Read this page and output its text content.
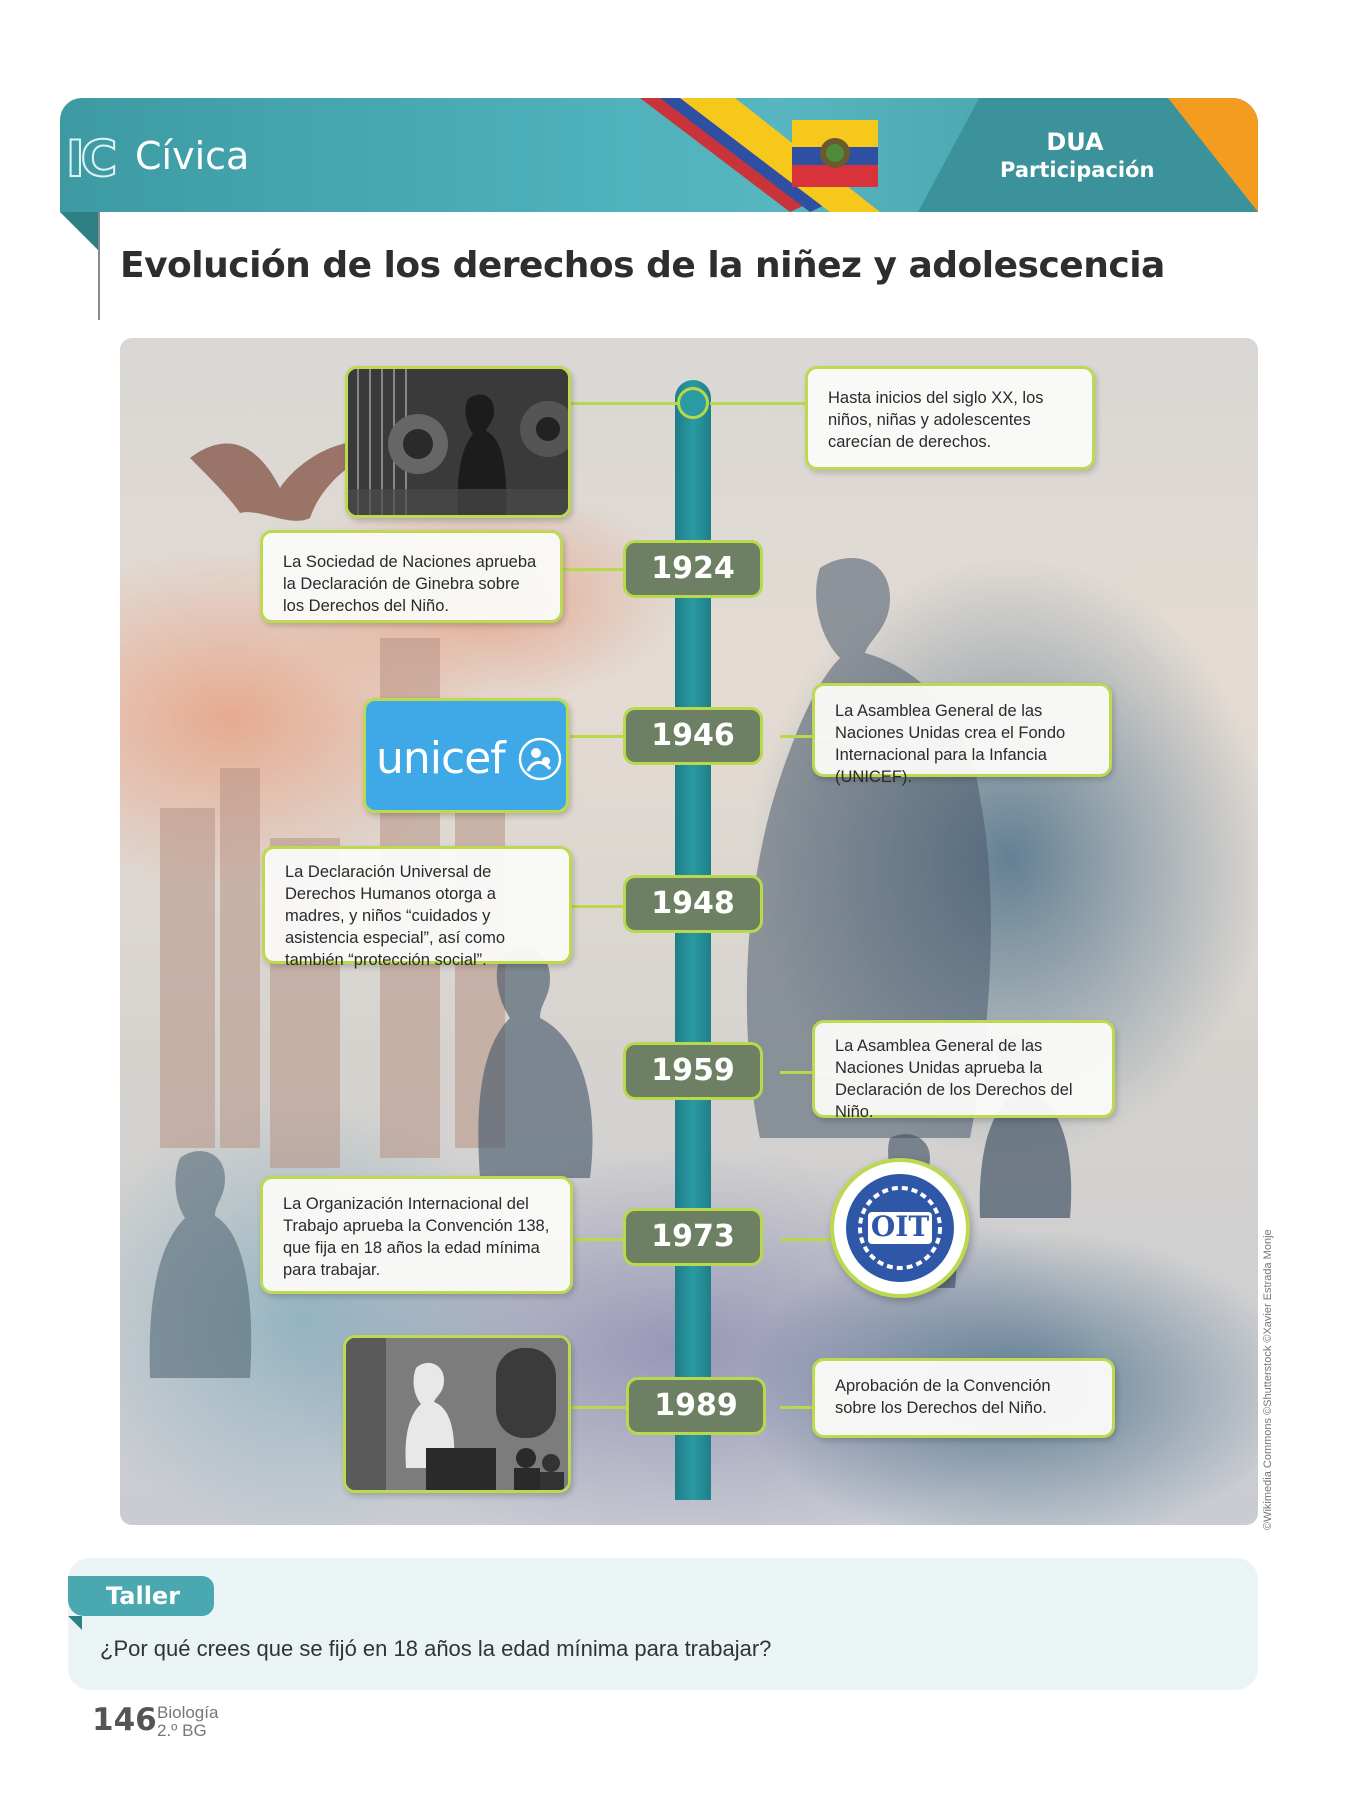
IC Cívica	DUA
Participación
Evolución de los derechos de la niñez y adolescencia
Hasta inicios del siglo XX, los niños, niñas y adolescentes carecían de derechos.
La Sociedad de Naciones aprueba la Declaración de Ginebra sobre los Derechos del Niño.
1924
unicef	1946
La Asamblea General de las Naciones Unidas crea el Fondo Internacional para la Infancia (UNICEF).
La Declaración Universal de Derechos Humanos otorga a madres, y niños “cuidados y asistencia especial”, así como también “protección social”.
1948
1959
La Asamblea General de las Naciones Unidas aprueba la Declaración de los Derechos del Niño.
La Organización Internacional del Trabajo aprueba la Convención 138, que fija en 18 años la edad mínima para trabajar.
1973	OIT
1989
Aprobación de la Convención sobre los Derechos del Niño.	©Wikimedia Commons ©Shutterstock ©Xavier Estrada Monje
Taller
¿Por qué crees que se fijó en 18 años la edad mínima para trabajar?
146 Biología
2.º BG
